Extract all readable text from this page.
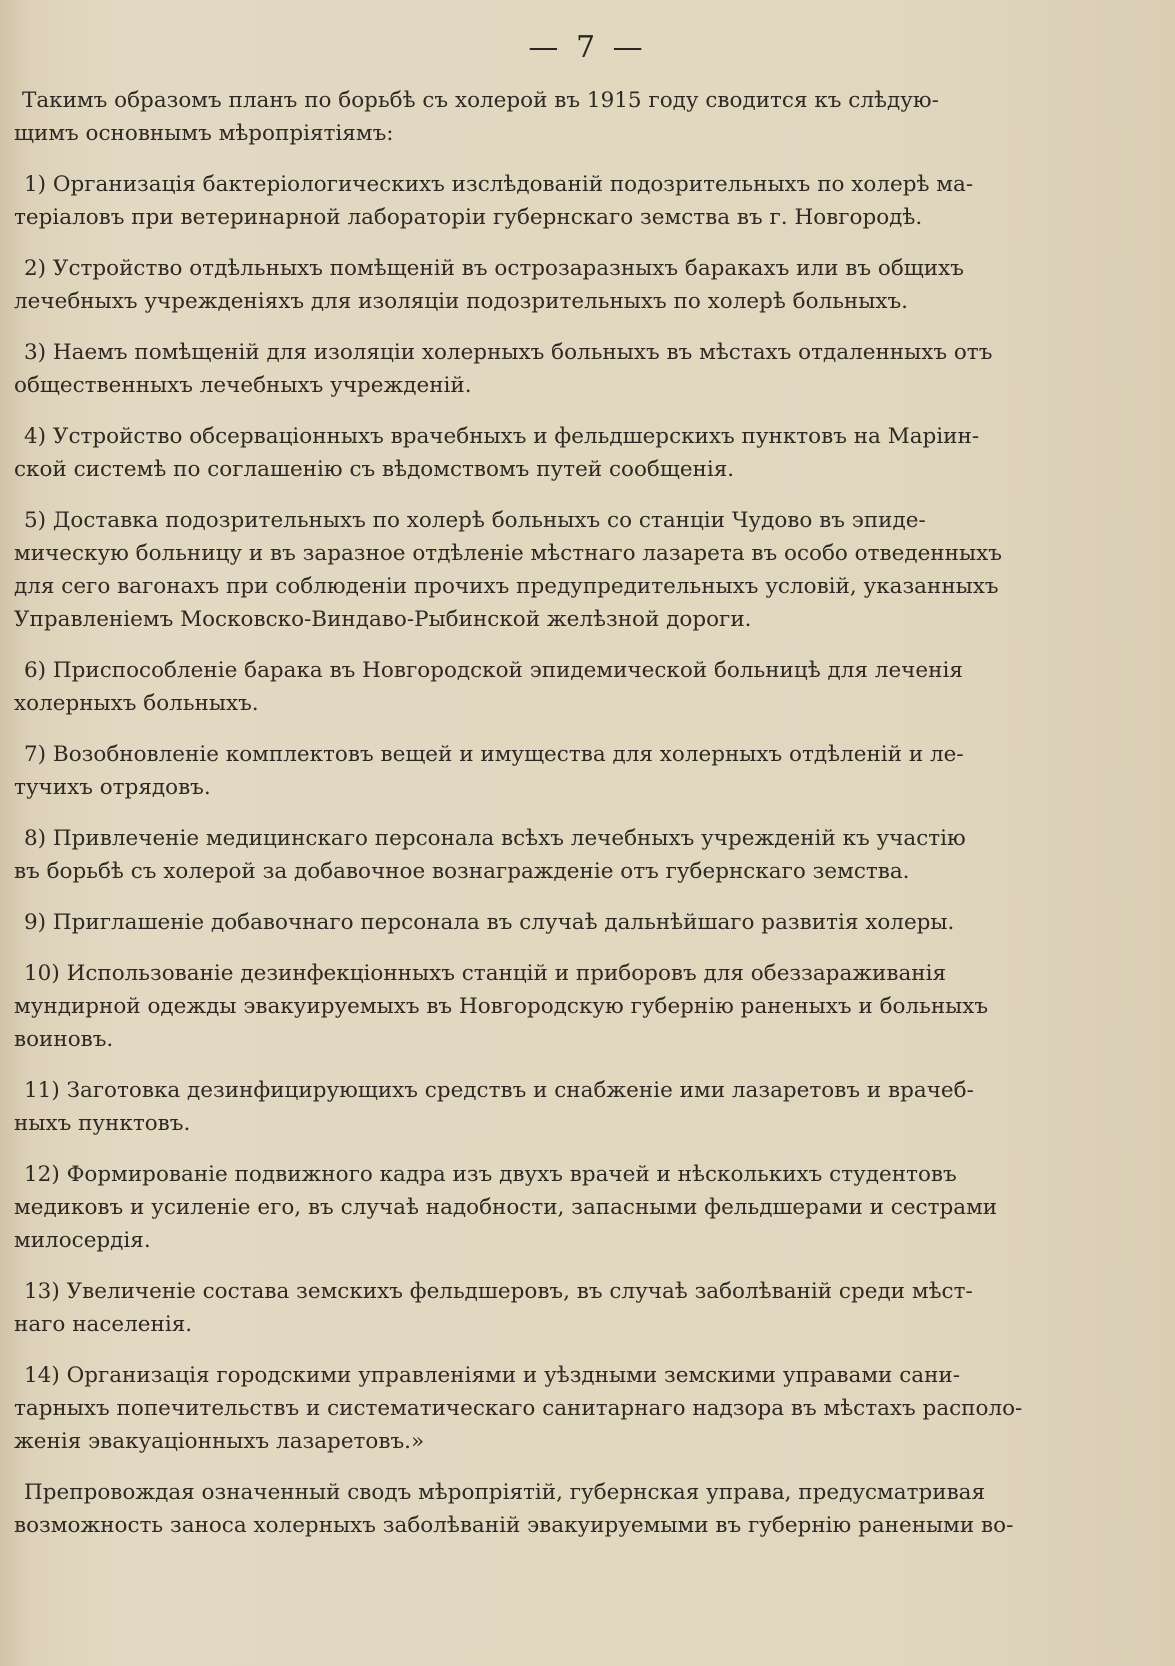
— 7 —
Такимъ образомъ планъ по борьбѣ съ холерой въ 1915 году сводится къ слѣдую-
щимъ основнымъ мѣропріятіямъ:
1) Организація бактеріологическихъ изслѣдованій подозрительныхъ по холерѣ ма-
теріаловъ при ветеринарной лабораторіи губернскаго земства въ г. Новгородѣ.
2) Устройство отдѣльныхъ помѣщеній въ острозаразныхъ баракахъ или въ общихъ
лечебныхъ учрежденіяхъ для изоляціи подозрительныхъ по холерѣ больныхъ.
3) Наемъ помѣщеній для изоляціи холерныхъ больныхъ въ мѣстахъ отдаленныхъ отъ
общественныхъ лечебныхъ учрежденій.
4) Устройство обсерваціонныхъ врачебныхъ и фельдшерскихъ пунктовъ на Маріин-
ской системѣ по соглашенію съ вѣдомствомъ путей сообщенія.
5) Доставка подозрительныхъ по холерѣ больныхъ со станціи Чудово въ эпиде-
мическую больницу и въ заразное отдѣленіе мѣстнаго лазарета въ особо отведенныхъ
для сего вагонахъ при соблюденіи прочихъ предупредительныхъ условій, указанныхъ
Управленіемъ Московско-Виндаво-Рыбинской желѣзной дороги.
6) Приспособленіе барака въ Новгородской эпидемической больницѣ для леченія
холерныхъ больныхъ.
7) Возобновленіе комплектовъ вещей и имущества для холерныхъ отдѣленій и ле-
тучихъ отрядовъ.
8) Привлеченіе медицинскаго персонала всѣхъ лечебныхъ учрежденій къ участію
въ борьбѣ съ холерой за добавочное вознагражденіе отъ губернскаго земства.
9) Приглашеніе добавочнаго персонала въ случаѣ дальнѣйшаго развитія холеры.
10) Использованіе дезинфекціонныхъ станцій и приборовъ для обеззараживанія
мундирной одежды эвакуируемыхъ въ Новгородскую губернію раненыхъ и больныхъ
воиновъ.
11) Заготовка дезинфицирующихъ средствъ и снабженіе ими лазаретовъ и врачеб-
ныхъ пунктовъ.
12) Формированіе подвижного кадра изъ двухъ врачей и нѣсколькихъ студентовъ
медиковъ и усиленіе его, въ случаѣ надобности, запасными фельдшерами и сестрами
милосердія.
13) Увеличеніе состава земскихъ фельдшеровъ, въ случаѣ заболѣваній среди мѣст-
наго населенія.
14) Организація городскими управленіями и уѣздными земскими управами сани-
тарныхъ попечительствъ и систематическаго санитарнаго надзора въ мѣстахъ располо-
женія эвакуаціонныхъ лазаретовъ.»
Препровождая означенный сводъ мѣропріятій, губернская управа, предусматривая
возможность заноса холерныхъ заболѣваній эвакуируемыми въ губернію ранеными во-
